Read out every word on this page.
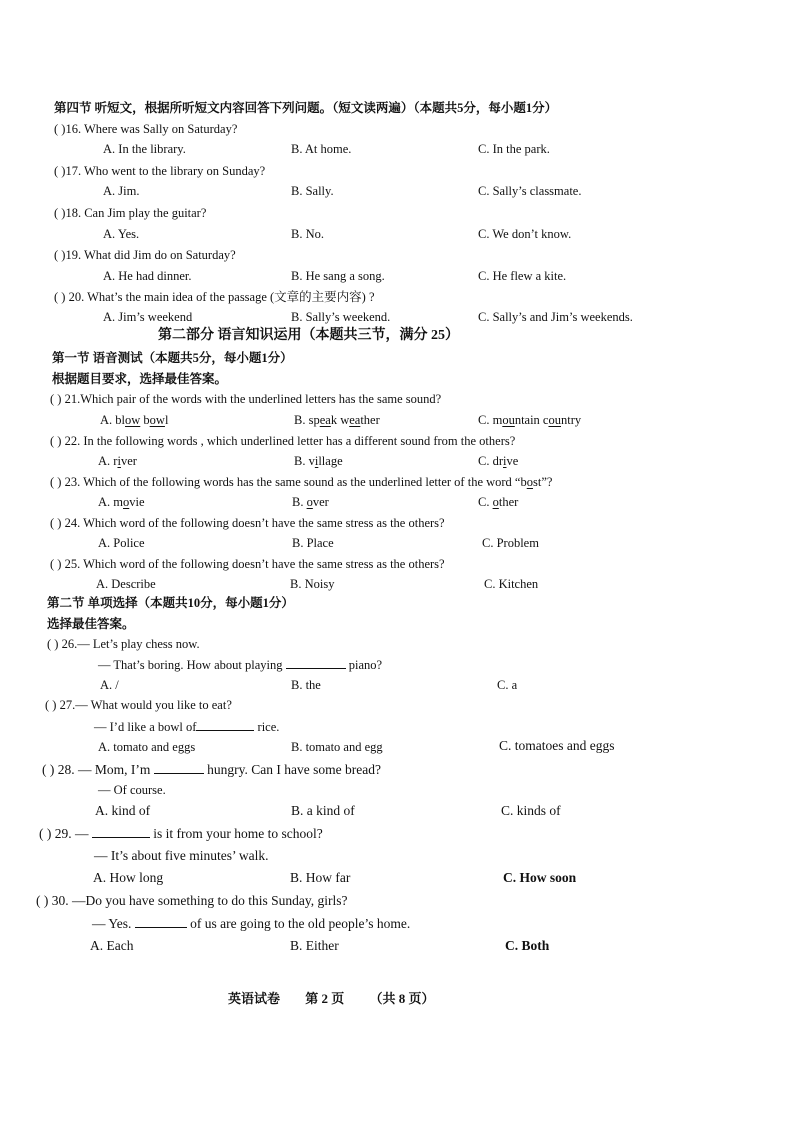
第四节 听短文，根据所听短文内容回答下列问题。（短文读两遍）（本题共5分，每小题1分）
( )16. Where was Sally on Saturday?
A. In the library.	B. At home.	C. In the park.
( )17. Who went to the library on Sunday?
A. Jim.	B. Sally.	C. Sally’s classmate.
( )18. Can Jim play the guitar?
A. Yes.	B. No.	C. We don’t know.
( )19. What did Jim do on Saturday?
A. He had dinner.	B. He sang a song.	C. He flew a kite.
( ) 20. What’s the main idea of the passage (文章的主要内容) ?
A. Jim’s weekend	B. Sally’s weekend.	C. Sally’s and Jim’s weekends.
第二部分 语言知识运用（本题共三节，满分 25）
第一节 语音测试（本题共5分，每小题1分）
根据题目要求，选择最佳答案。
( ) 21.Which pair of the words with the underlined letters has the same sound?
A. blow bowl	B. speak weather	C. mountain country
( ) 22. In the following words , which underlined letter has a different sound from the others?
A. river	B. village	C. drive
( ) 23. Which of the following words has the same sound as the underlined letter of the word “bost”?
A. movie	B. over	C. other
( ) 24. Which word of the following doesn’t have the same stress as the others?
A. Police	B. Place	C. Problem
( ) 25. Which word of the following doesn’t have the same stress as the others?
A. Describe	B. Noisy	C. Kitchen
第二节 单项选择（本题共10分，每小题1分）
选择最佳答案。
( ) 26.— Let’s play chess now.
— That’s boring. How about playing	piano?
A. /	B. the	C. a
( ) 27.— What would you like to eat?
— I’d like a bowl of	rice.
A. tomato and eggs	B. tomato and egg	C. tomatoes and eggs
( ) 28. — Mom, I’m	hungry. Can I have some bread?
— Of course.
A. kind of	B. a kind of	C. kinds of
( ) 29. —	is it from your home to school?
— It’s about five minutes’ walk.
A. How long	B. How far	C. How soon
( ) 30. —Do you have something to do this Sunday, girls?
— Yes.	of us are going to the old people’s home.
A. Each	B. Either	C. Both
英语试卷 第 2 页 （共 8 页）
